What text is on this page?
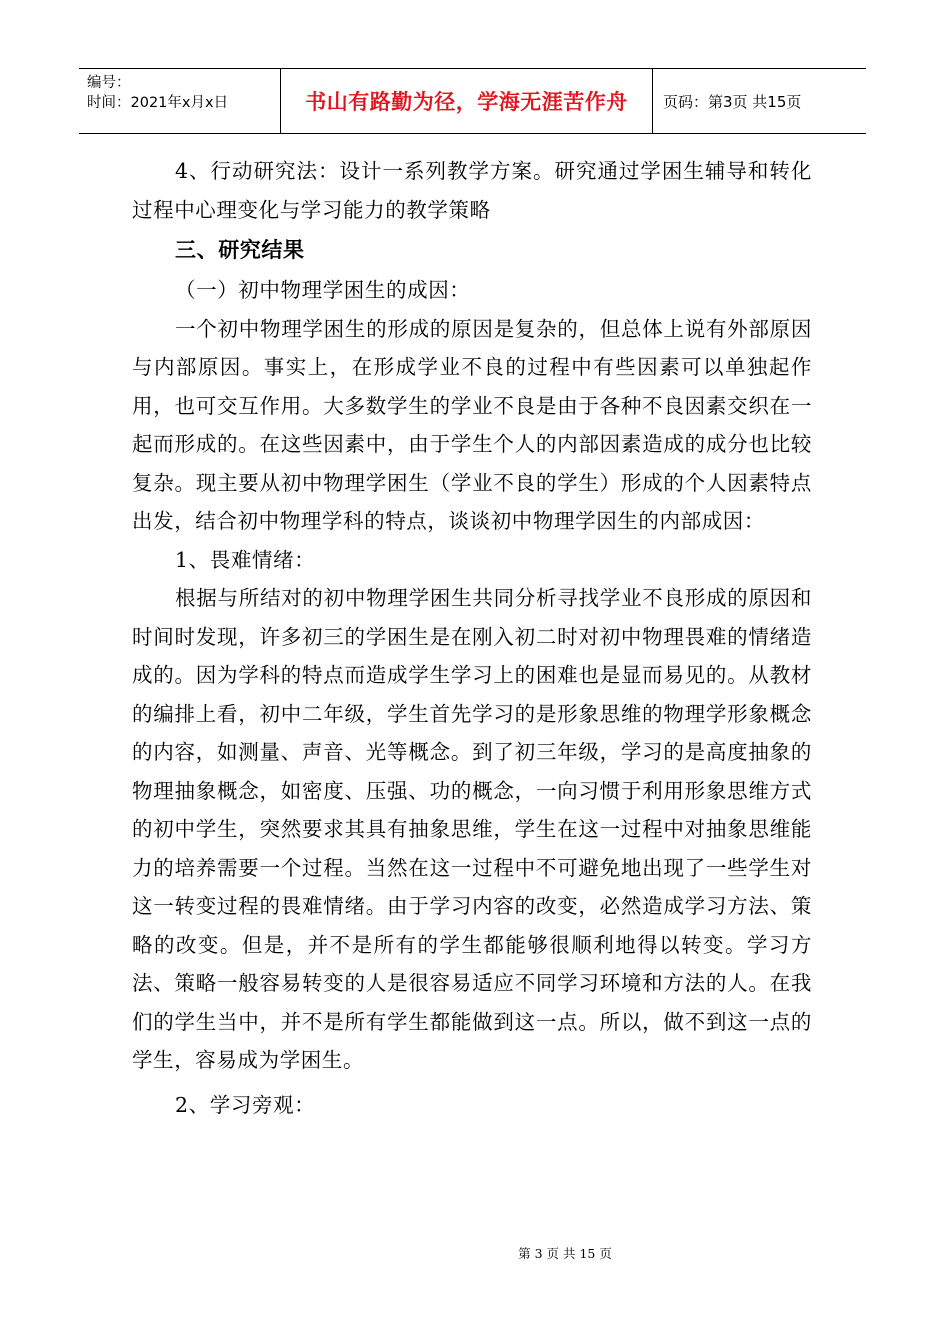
编号：
时间：2021年x月x日	书山有路勤为径，学海无涯苦作舟	页码：第3页 共15页

4、行动研究法：设计一系列教学方案。研究通过学困生辅导和转化过程中心理变化与学习能力的教学策略

三、研究结果

（一）初中物理学困生的成因：

一个初中物理学困生的形成的原因是复杂的，但总体上说有外部原因与内部原因。事实上，在形成学业不良的过程中有些因素可以单独起作用，也可交互作用。大多数学生的学业不良是由于各种不良因素交织在一起而形成的。在这些因素中，由于学生个人的内部因素造成的成分也比较复杂。现主要从初中物理学困生（学业不良的学生）形成的个人因素特点出发，结合初中物理学科的特点，谈谈初中物理学因生的内部成因：

1、畏难情绪：

根据与所结对的初中物理学困生共同分析寻找学业不良形成的原因和时间时发现，许多初三的学困生是在刚入初二时对初中物理畏难的情绪造成的。因为学科的特点而造成学生学习上的困难也是显而易见的。从教材的编排上看，初中二年级，学生首先学习的是形象思维的物理学形象概念的内容，如测量、声音、光等概念。到了初三年级，学习的是高度抽象的物理抽象概念，如密度、压强、功的概念，一向习惯于利用形象思维方式的初中学生，突然要求其具有抽象思维，学生在这一过程中对抽象思维能力的培养需要一个过程。当然在这一过程中不可避免地出现了一些学生对这一转变过程的畏难情绪。由于学习内容的改变，必然造成学习方法、策略的改变。但是，并不是所有的学生都能够很顺利地得以转变。学习方法、策略一般容易转变的人是很容易适应不同学习环境和方法的人。在我们的学生当中，并不是所有学生都能做到这一点。所以，做不到这一点的学生，容易成为学困生。

2、学习旁观：

第 3 页 共 15 页
